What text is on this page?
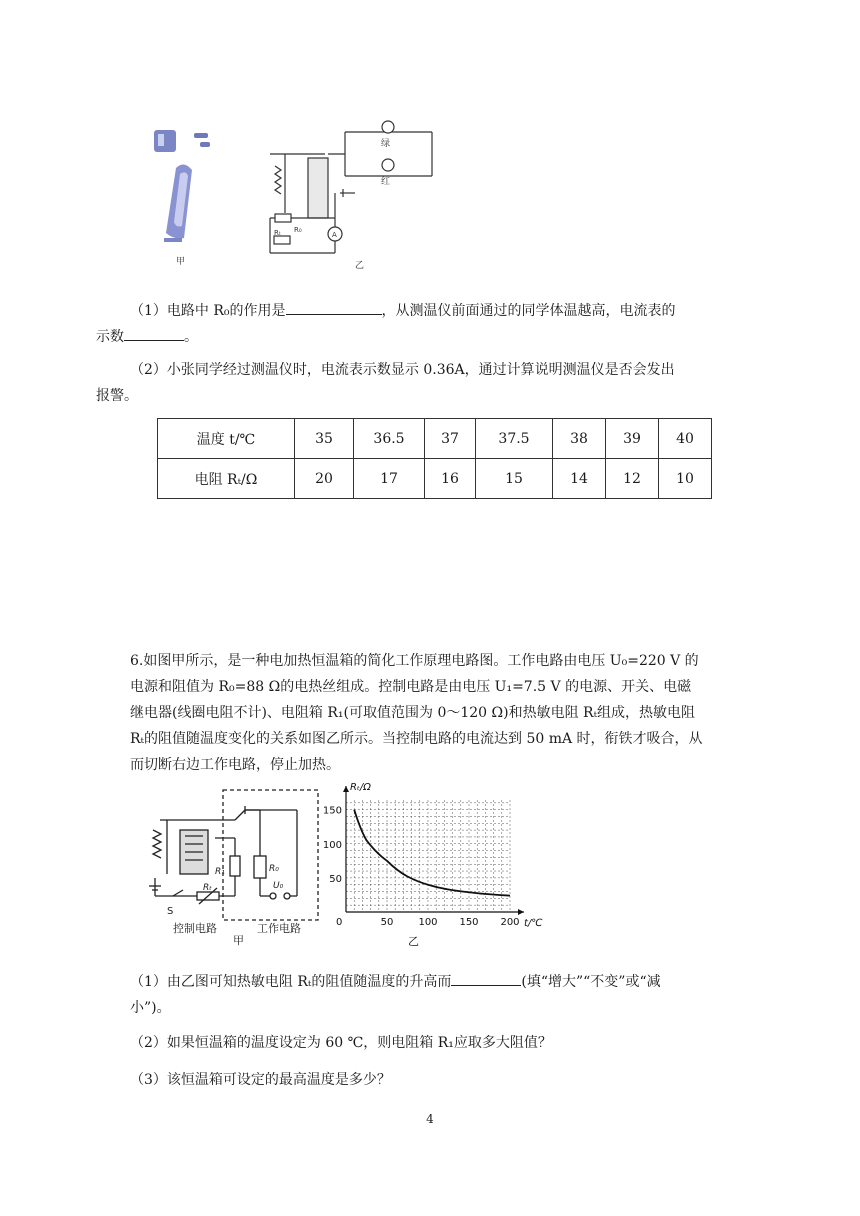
甲
绿
红
R₀
Rₜ	A
乙
（1）电路中 R₀的作用是	，从测温仪前面通过的同学体温越高，电流表的
示数	。
（2）小张同学经过测温仪时，电流表示数显示 0.36A，通过计算说明测温仪是否会发出
报警。
温度 t/℃	35	36.5	37	37.5	38	39	40
电阻 Rₜ/Ω	20	17	16	15	14	12	10
6.如图甲所示，是一种电加热恒温箱的简化工作原理电路图。工作电路由电压 U₀=220 V 的
电源和阻值为 R₀=88 Ω的电热丝组成。控制电路是由电压 U₁=7.5 V 的电源、开关、电磁
继电器(线圈电阻不计)、电阻箱 R₁(可取值范围为 0～120 Ω)和热敏电阻 Rₜ组成，热敏电阻
Rₜ的阻值随温度变化的关系如图乙所示。当控制电路的电流达到 50 mA 时，衔铁才吸合，从
而切断右边工作电路，停止加热。
S
R₁
Rₜ
R₀
U₀
控制电路	工作电路
甲
50	100 150 200
50
100
150
Rₜ/Ω
t/℃
0
乙
（1）由乙图可知热敏电阻 Rₜ的阻值随温度的升高而	(填“增大”“不变”或“减
小”)。
（2）如果恒温箱的温度设定为 60 ℃，则电阻箱 R₁应取多大阻值？
（3）该恒温箱可设定的最高温度是多少？
4
